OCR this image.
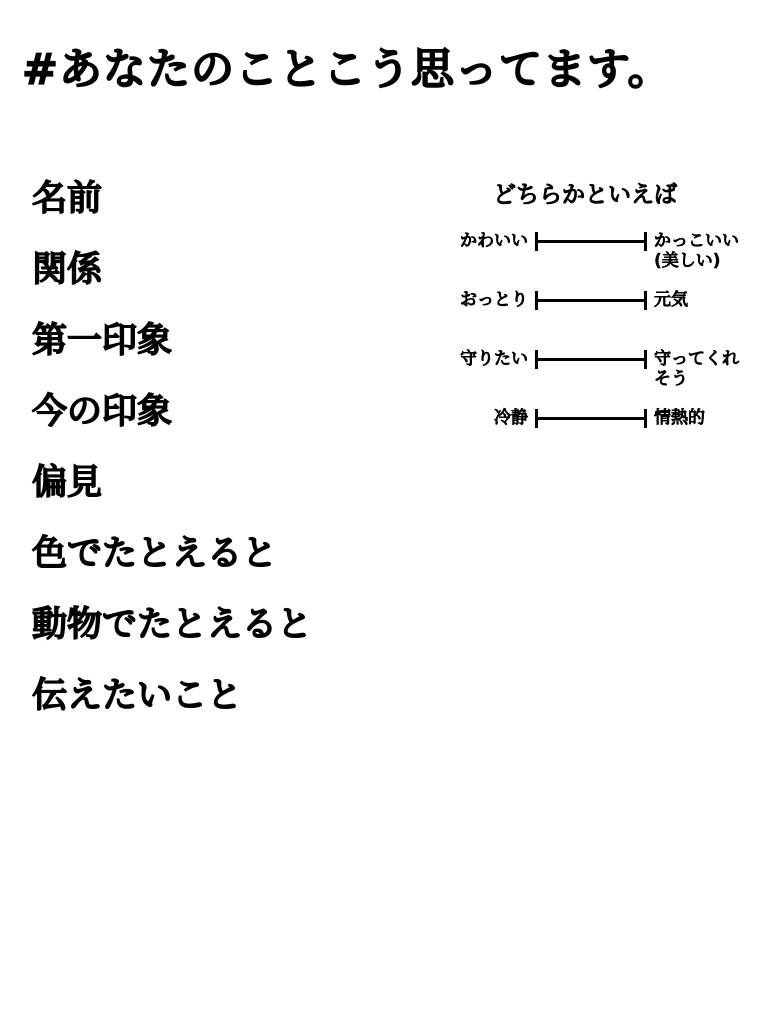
#あなたのことこう思ってます。
名前
関係
第一印象
今の印象
偏見
色でたとえると
動物でたとえると
伝えたいこと
どちらかといえば
かわいい	かっこいい
(美しい)
おっとり	元気
守りたい	守ってくれ
そう
冷静	情熱的
